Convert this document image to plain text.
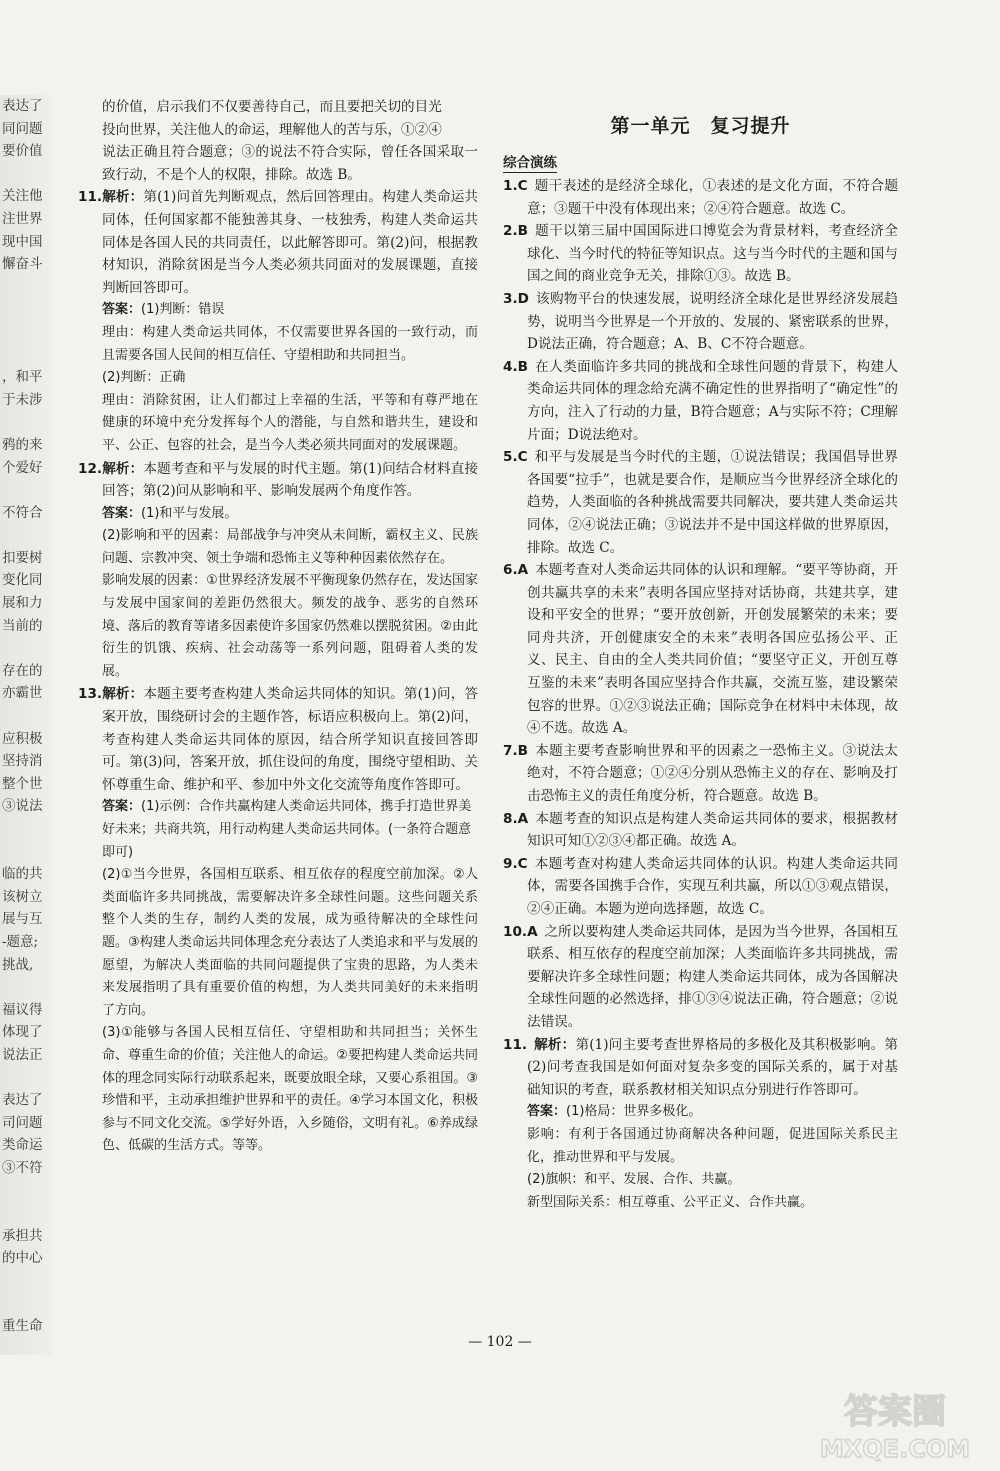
表达了
同问题
要价值
关注他
注世界
现中国
懈奋斗
，和平
于未涉
鸦的来
个爱好
不符合
扣要树
变化同
展和力
当前的
存在的
亦霸世
应积极
坚持消
整个世
③说法
临的共
该树立
展与互
-题意;
挑战,
福议得
体现了
说法正
表达了
司问题
类命运
③不符
承担共
的中心
重生命

的价值，启示我们不仅要善待自己，而且要把关切的目光

投向世界，关注他人的命运，理解他人的苦与乐，①②④

说法正确且符合题意；③的说法不符合实际，曾任各国采取一致行动，不是个人的权限，排除。故选 B。

11.解析：第(1)问首先判断观点，然后回答理由。构建人类命运共同体，任何国家都不能独善其身、一枝独秀，构建人类命运共同体是各国人民的共同责任，以此解答即可。第(2)问，根据教材知识，消除贫困是当今人类必须共同面对的发展课题，直接判断回答即可。

答案：(1)判断：错误

理由：构建人类命运共同体，不仅需要世界各国的一致行动，而且需要各国人民间的相互信任、守望相助和共同担当。

(2)判断：正确

理由：消除贫困，让人们都过上幸福的生活，平等和有尊严地在健康的环境中充分发挥每个人的潜能，与自然和谐共生，建设和平、公正、包容的社会，是当今人类必须共同面对的发展课题。

12.解析：本题考查和平与发展的时代主题。第(1)问结合材料直接回答；第(2)问从影响和平、影响发展两个角度作答。

答案：(1)和平与发展。

(2)影响和平的因素：局部战争与冲突从未间断，霸权主义、民族问题、宗教冲突、领土争端和恐怖主义等种种因素依然存在。

影响发展的因素：①世界经济发展不平衡现象仍然存在，发达国家与发展中国家间的差距仍然很大。频发的战争、恶劣的自然环境、落后的教育等诸多因素使许多国家仍然难以摆脱贫困。②由此衍生的饥饿、疾病、社会动荡等一系列问题，阻碍着人类的发展。

13.解析：本题主要考查构建人类命运共同体的知识。第(1)问，答案开放，围绕研讨会的主题作答，标语应积极向上。第(2)问，考查构建人类命运共同体的原因，结合所学知识直接回答即可。第(3)问，答案开放，抓住设问的角度，围绕守望相助、关怀尊重生命、维护和平、参加中外文化交流等角度作答即可。

答案：(1)示例：合作共赢构建人类命运共同体，携手打造世界美好未来；共商共筑，用行动构建人类命运共同体。(一条符合题意即可)

(2)①当今世界，各国相互联系、相互依存的程度空前加深。②人类面临许多共同挑战，需要解决许多全球性问题。这些问题关系整个人类的生存，制约人类的发展，成为亟待解决的全球性问题。③构建人类命运共同体理念充分表达了人类追求和平与发展的愿望，为解决人类面临的共同问题提供了宝贵的思路，为人类未来发展指明了具有重要价值的构想，为人类共同美好的未来指明了方向。

(3)①能够与各国人民相互信任、守望相助和共同担当；关怀生命、尊重生命的价值；关注他人的命运。②要把构建人类命运共同体的理念同实际行动联系起来，既要放眼全球，又要心系祖国。③珍惜和平，主动承担维护世界和平的责任。④学习本国文化，积极参与不同文化交流。⑤学好外语，入乡随俗，文明有礼。⑥养成绿色、低碳的生活方式。等等。

第一单元　复习提升
综合演练

1.C  题干表述的是经济全球化，①表述的是文化方面，不符合题意；③题干中没有体现出来；②④符合题意。故选 C。

2.B  题干以第三届中国国际进口博览会为背景材料，考查经济全球化、当今时代的特征等知识点。这与当今时代的主题和国与国之间的商业竞争无关，排除①③。故选 B。

3.D  该购物平台的快速发展，说明经济全球化是世界经济发展趋势，说明当今世界是一个开放的、发展的、紧密联系的世界，D说法正确，符合题意；A、B、C不符合题意。

4.B  在人类面临许多共同的挑战和全球性问题的背景下，构建人类命运共同体的理念给充满不确定性的世界指明了“确定性”的方向，注入了行动的力量，B符合题意；A与实际不符；C理解片面；D说法绝对。

5.C  和平与发展是当今时代的主题，①说法错误；我国倡导世界各国要“拉手”，也就是要合作，是顺应当今世界经济全球化的趋势，人类面临的各种挑战需要共同解决，要共建人类命运共同体，②④说法正确；③说法并不是中国这样做的世界原因，排除。故选 C。

6.A  本题考查对人类命运共同体的认识和理解。“要平等协商，开创共赢共享的未来”表明各国应坚持对话协商，共建共享，建设和平安全的世界；“要开放创新，开创发展繁荣的未来；要同舟共济，开创健康安全的未来”表明各国应弘扬公平、正义、民主、自由的全人类共同价值；“要坚守正义，开创互尊互鉴的未来”表明各国应坚持合作共赢，交流互鉴，建设繁荣包容的世界。①②③说法正确；国际竞争在材料中未体现，故④不选。故选 A。

7.B  本题主要考查影响世界和平的因素之一恐怖主义。③说法太绝对，不符合题意；①②④分别从恐怖主义的存在、影响及打击恐怖主义的责任角度分析，符合题意。故选 B。

8.A  本题考查的知识点是构建人类命运共同体的要求，根据教材知识可知①②③④都正确。故选 A。

9.C  本题考查对构建人类命运共同体的认识。构建人类命运共同体，需要各国携手合作，实现互利共赢，所以①③观点错误，②④正确。本题为逆向选择题，故选 C。

10.A  之所以要构建人类命运共同体，是因为当今世界，各国相互联系、相互依存的程度空前加深；人类面临许多共同挑战，需要解决许多全球性问题；构建人类命运共同体，成为各国解决全球性问题的必然选择，排①③④说法正确，符合题意；②说法错误。

11.  解析：第(1)问主要考查世界格局的多极化及其积极影响。第(2)问考查我国是如何面对复杂多变的国际关系的，属于对基础知识的考查，联系教材相关知识点分别进行作答即可。

答案：(1)格局：世界多极化。

影响：有利于各国通过协商解决各种问题，促进国际关系民主化，推动世界和平与发展。

(2)旗帜：和平、发展、合作、共赢。

新型国际关系：相互尊重、公平正义、合作共赢。

— 102 —
答案圈
MXQE.COM
